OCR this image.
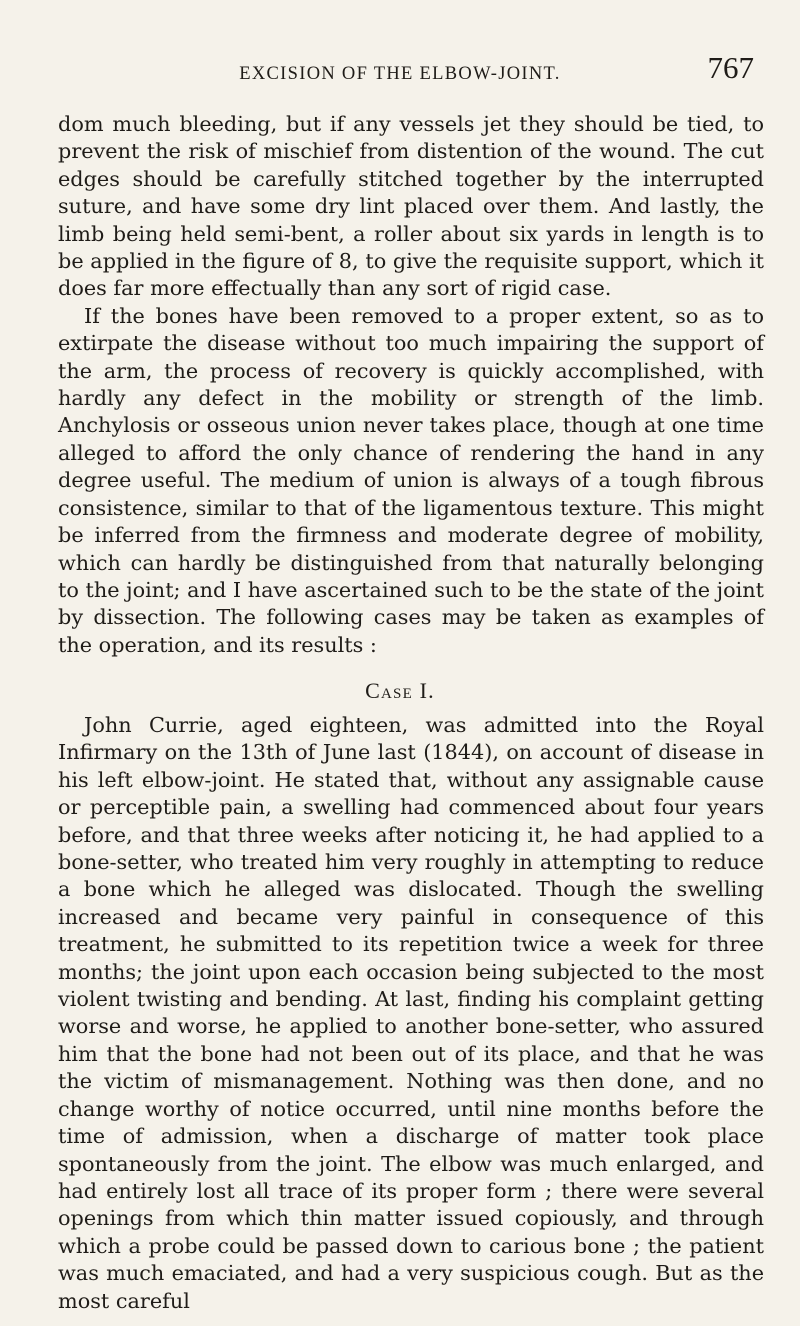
EXCISION OF THE ELBOW-JOINT.	767

dom much bleeding, but if any vessels jet they should be tied, to prevent the risk of mischief from distention of the wound. The cut edges should be carefully stitched together by the interrupted suture, and have some dry lint placed over them. And lastly, the limb being held semi-bent, a roller about six yards in length is to be applied in the figure of 8, to give the requisite support, which it does far more effectually than any sort of rigid case.

If the bones have been removed to a proper extent, so as to extirpate the disease without too much impairing the support of the arm, the process of recovery is quickly accomplished, with hardly any defect in the mobility or strength of the limb. Anchylosis or osseous union never takes place, though at one time alleged to afford the only chance of rendering the hand in any degree useful. The medium of union is always of a tough fibrous consistence, similar to that of the ligamentous texture. This might be inferred from the firmness and moderate degree of mobility, which can hardly be distinguished from that naturally belonging to the joint; and I have ascertained such to be the state of the joint by dissection. The following cases may be taken as examples of the operation, and its results :

Case I.

John Currie, aged eighteen, was admitted into the Royal Infirmary on the 13th of June last (1844), on account of disease in his left elbow-joint. He stated that, without any assignable cause or perceptible pain, a swelling had commenced about four years before, and that three weeks after noticing it, he had applied to a bone-setter, who treated him very roughly in attempting to reduce a bone which he alleged was dislocated. Though the swelling increased and became very painful in consequence of this treatment, he submitted to its repetition twice a week for three months; the joint upon each occasion being subjected to the most violent twisting and bending. At last, finding his complaint getting worse and worse, he applied to another bone-setter, who assured him that the bone had not been out of its place, and that he was the victim of mismanagement. Nothing was then done, and no change worthy of notice occurred, until nine months before the time of admission, when a discharge of matter took place spontaneously from the joint. The elbow was much enlarged, and had entirely lost all trace of its proper form ; there were several openings from which thin matter issued copiously, and through which a probe could be passed down to carious bone ; the patient was much emaciated, and had a very suspicious cough. But as the most careful
